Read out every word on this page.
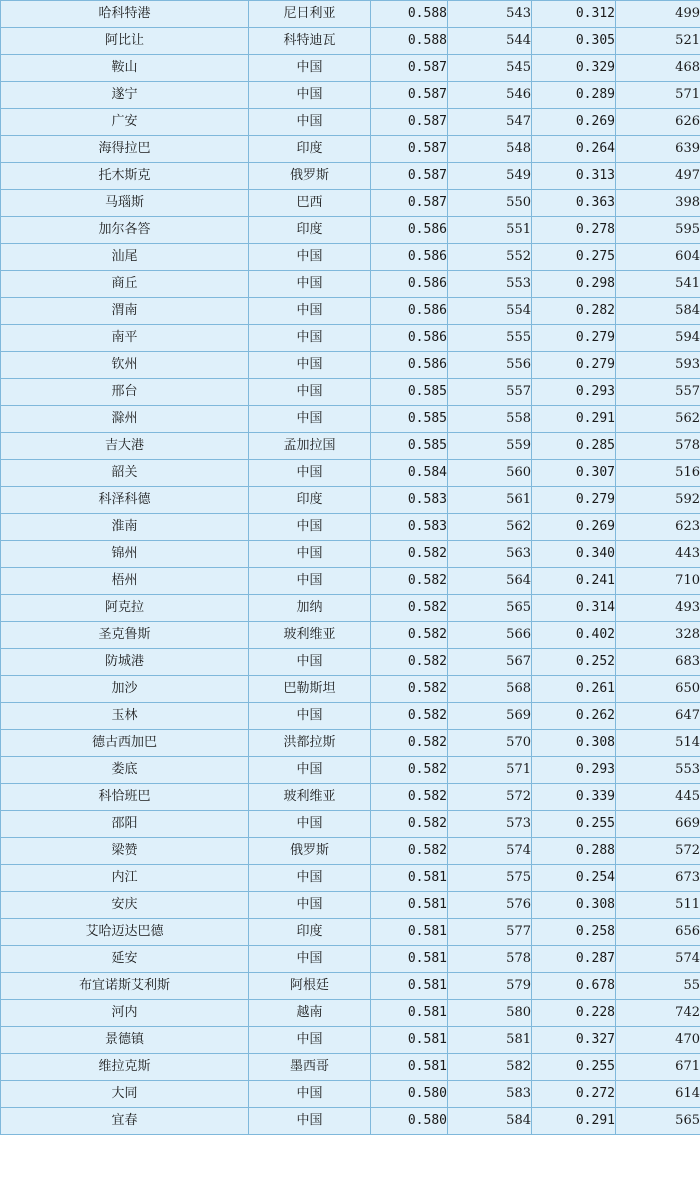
哈科特港	尼日利亚	0.588	543	0.312	499
阿比让	科特迪瓦	0.588	544	0.305	521
鞍山	中国	0.587	545	0.329	468
遂宁	中国	0.587	546	0.289	571
广安	中国	0.587	547	0.269	626
海得拉巴	印度	0.587	548	0.264	639
托木斯克	俄罗斯	0.587	549	0.313	497
马瑙斯	巴西	0.587	550	0.363	398
加尔各答	印度	0.586	551	0.278	595
汕尾	中国	0.586	552	0.275	604
商丘	中国	0.586	553	0.298	541
渭南	中国	0.586	554	0.282	584
南平	中国	0.586	555	0.279	594
钦州	中国	0.586	556	0.279	593
邢台	中国	0.585	557	0.293	557
滁州	中国	0.585	558	0.291	562
吉大港	孟加拉国	0.585	559	0.285	578
韶关	中国	0.584	560	0.307	516
科泽科德	印度	0.583	561	0.279	592
淮南	中国	0.583	562	0.269	623
锦州	中国	0.582	563	0.340	443
梧州	中国	0.582	564	0.241	710
阿克拉	加纳	0.582	565	0.314	493
圣克鲁斯	玻利维亚	0.582	566	0.402	328
防城港	中国	0.582	567	0.252	683
加沙	巴勒斯坦	0.582	568	0.261	650
玉林	中国	0.582	569	0.262	647
德古西加巴	洪都拉斯	0.582	570	0.308	514
娄底	中国	0.582	571	0.293	553
科恰班巴	玻利维亚	0.582	572	0.339	445
邵阳	中国	0.582	573	0.255	669
梁赞	俄罗斯	0.582	574	0.288	572
内江	中国	0.581	575	0.254	673
安庆	中国	0.581	576	0.308	511
艾哈迈达巴德	印度	0.581	577	0.258	656
延安	中国	0.581	578	0.287	574
布宜诺斯艾利斯	阿根廷	0.581	579	0.678	55
河内	越南	0.581	580	0.228	742
景德镇	中国	0.581	581	0.327	470
维拉克斯	墨西哥	0.581	582	0.255	671
大同	中国	0.580	583	0.272	614
宜春	中国	0.580	584	0.291	565
